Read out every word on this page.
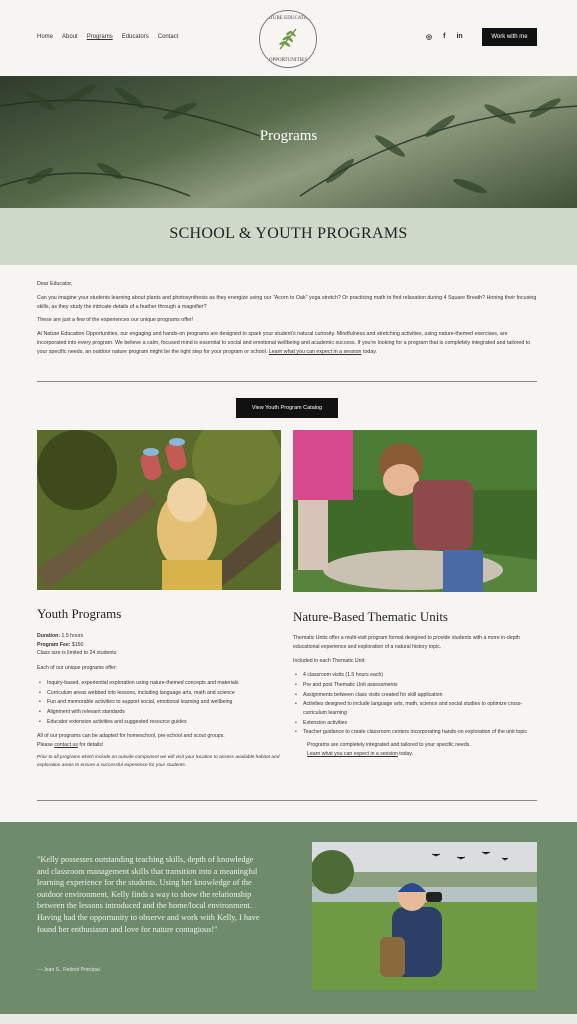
Home About Programs Educators Contact
NATURE EDUCATION
OPPORTUNITIES
◎ f in	Work with me
Programs
SCHOOL & YOUTH PROGRAMS

Dear Educator,

Can you imagine your students learning about plants and photosynthesis as they energize using our "Acorn to Oak" yoga stretch? Or practicing math to find relaxation during 4 Square Breath? Honing their focusing skills, as they study the intricate details of a feather through a magnifier?

These are just a few of the experiences our unique programs offer!

At Nature Education Opportunities, our engaging and hands-on programs are designed to spark your student's natural curiosity. Mindfulness and stretching activities, using nature-themed exercises, are incorporated into every program. We believe a calm, focused mind is essential to social and emotional wellbeing and academic success. If you're looking for a program that is completely integrated and tailored to your specific needs, an outdoor nature program might be the right step for your program or school. Learn what you can expect in a session today.

View Youth Program Catalog
Youth Programs
Duration: 1.5 hours
Program Fee: $150

Class size is limited to 24 students

Each of our unique programs offer:

• Inquiry-based, experiential exploration using nature-themed concepts and materials
• Curriculum areas webbed into lessons, including language arts, math and science
• Fun and memorable activities to support social, emotional learning and wellbeing
• Alignment with relevant standards
• Educator extension activities and suggested resource guides
All of our programs can be adapted for homeschool, pre-school and scout groups.

Please contact us for details!

Prior to all programs which include an outside component we will visit your location to assess available habitat and exploration areas to ensure a successful experience for your students.

Nature-Based Thematic Units

Thematic Units offer a multi-visit program format designed to provide students with a more in-depth educational experience and exploration of a natural history topic.

Included in each Thematic Unit:

• 4 classroom visits (1.5 hours each)
• Pre and post Thematic Unit assessments
• Assignments between class visits created for skill application
• Activities designed to include language arts, math, science and social studies to optimize cross-curriculum learning
• Extension activities
• Teacher guidance to create classroom centers incorporating hands-on exploration of the unit topic
Programs are completely integrated and tailored to your specific needs.
Learn what you can expect in a session today.
"Kelly possesses outstanding teaching skills, depth of knowledge and classroom management skills that transition into a meaningful learning experience for the students. Using her knowledge of the outdoor environment, Kelly finds a way to show the relationship between the lessons introduced and the home/local environment. Having had the opportunity to observe and work with Kelly, I have found her enthusiasm and love for nature contagious!"
— Jean S., Retired Principal
